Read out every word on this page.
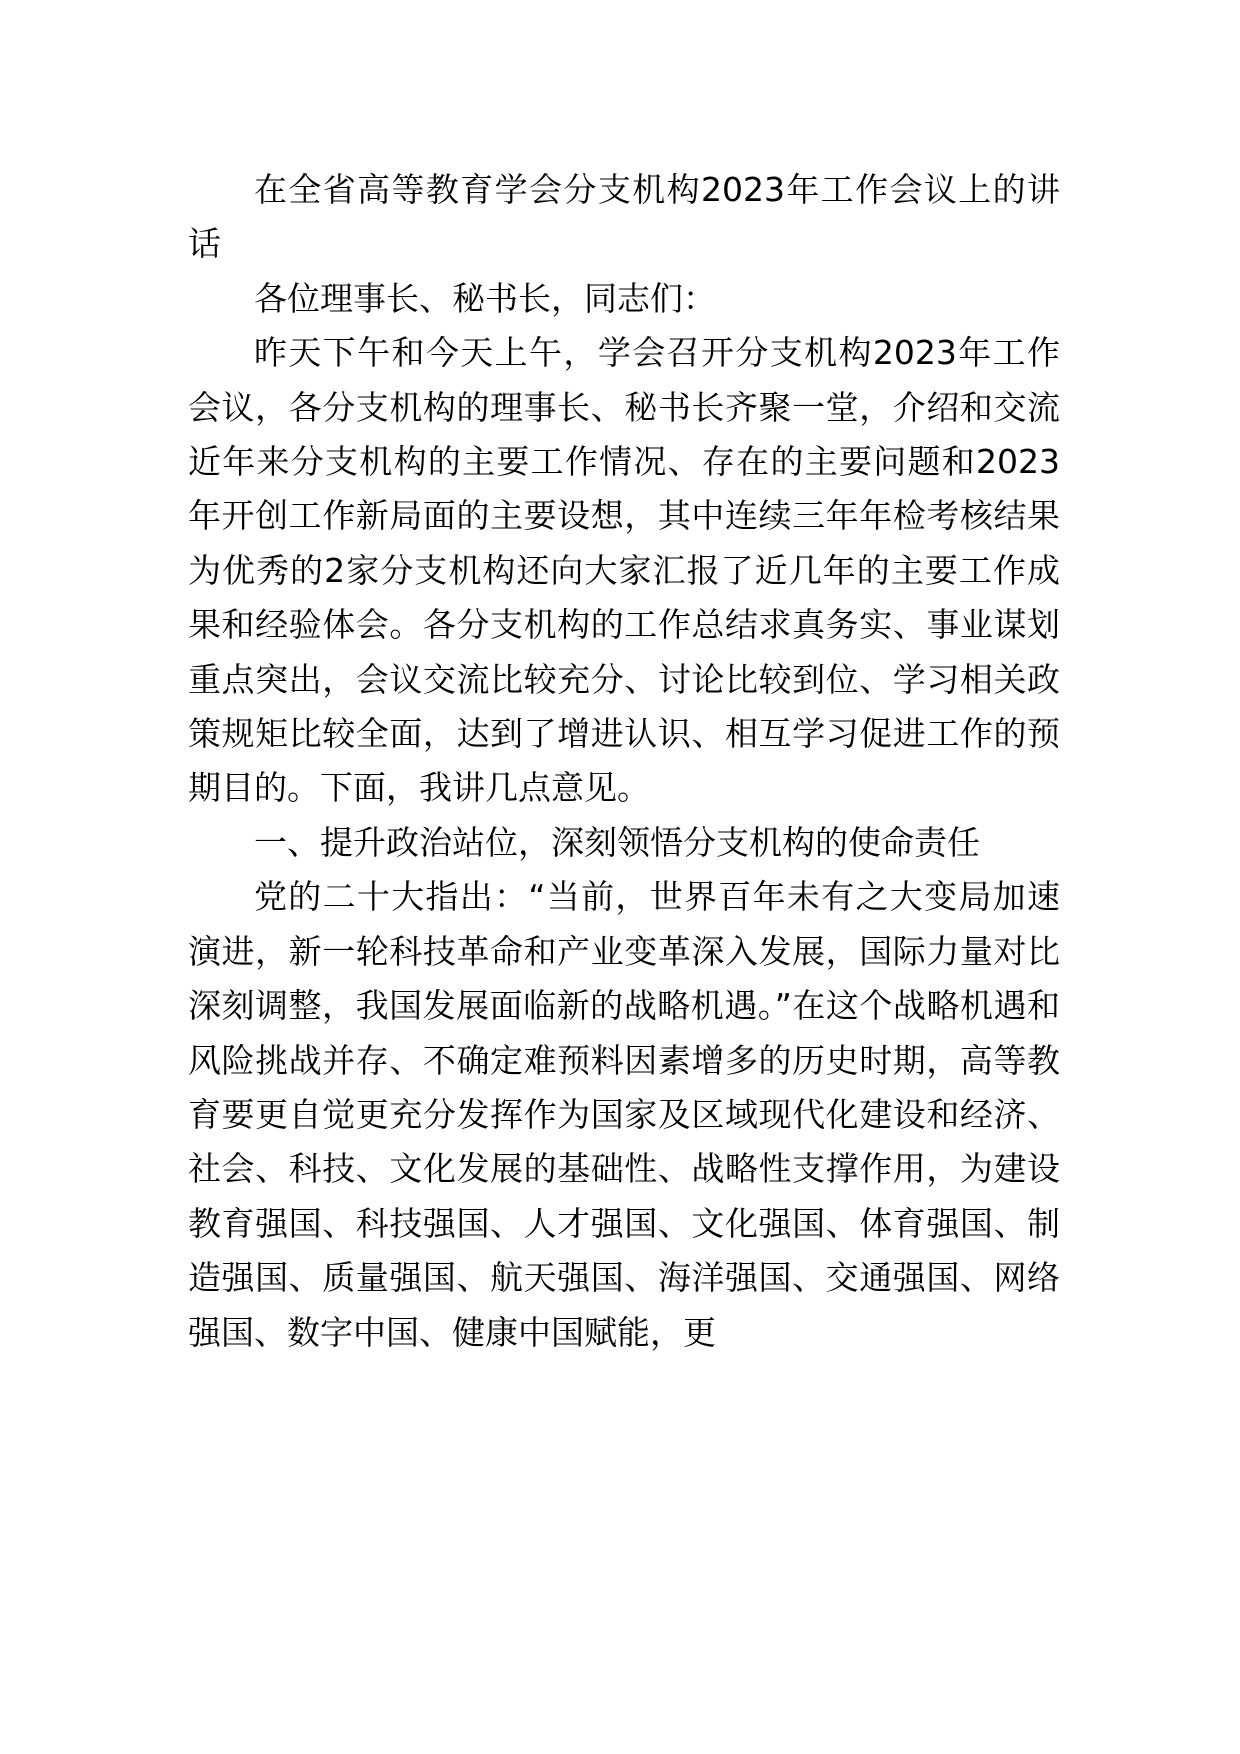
在全省高等教育学会分支机构2023年工作会议上的讲话

各位理事长、秘书长，同志们：

昨天下午和今天上午，学会召开分支机构2023年工作会议，各分支机构的理事长、秘书长齐聚一堂，介绍和交流近年来分支机构的主要工作情况、存在的主要问题和2023年开创工作新局面的主要设想，其中连续三年年检考核结果为优秀的2家分支机构还向大家汇报了近几年的主要工作成果和经验体会。各分支机构的工作总结求真务实、事业谋划重点突出，会议交流比较充分、讨论比较到位、学习相关政策规矩比较全面，达到了增进认识、相互学习促进工作的预期目的。下面，我讲几点意见。

一、提升政治站位，深刻领悟分支机构的使命责任

党的二十大指出：“当前，世界百年未有之大变局加速演进，新一轮科技革命和产业变革深入发展，国际力量对比深刻调整，我国发展面临新的战略机遇。”在这个战略机遇和风险挑战并存、不确定难预料因素增多的历史时期，高等教育要更自觉更充分发挥作为国家及区域现代化建设和经济、社会、科技、文化发展的基础性、战略性支撑作用，为建设教育强国、科技强国、人才强国、文化强国、体育强国、制造强国、质量强国、航天强国、海洋强国、交通强国、网络强国、数字中国、健康中国赋能，更
